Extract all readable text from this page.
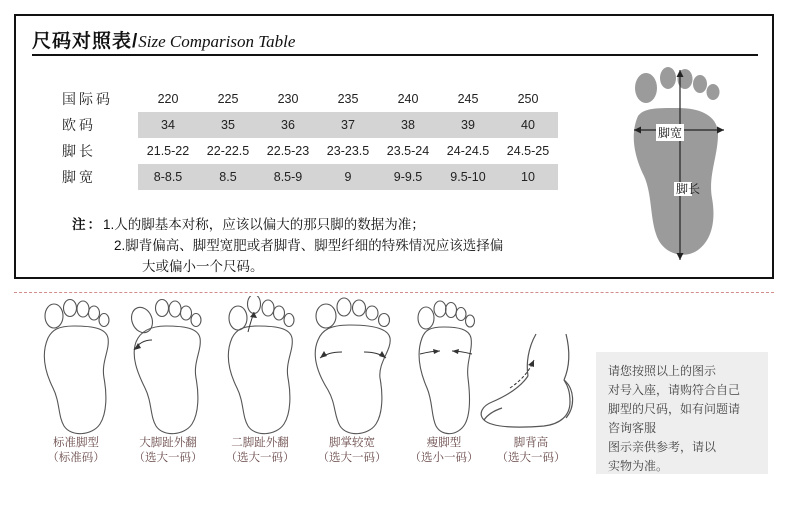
尺码对照表/Size Comparison Table
国际码	220	225	230	235	240	245	250
欧码	34	35	36	37	38	39	40
脚长	21.5-22	22-22.5	22.5-23	23-23.5	23.5-24	24-24.5	24.5-25
脚宽	8-8.5	8.5	8.5-9	9	9-9.5	9.5-10	10
注：1.人的脚基本对称，应该以偏大的那只脚的数据为准；
2.脚背偏高、脚型宽肥或者脚背、脚型纤细的特殊情况应该选择偏
大或偏小一个尺码。
脚宽
脚长
标准脚型
（标准码）
大脚趾外翻
（选大一码）
二脚趾外翻
（选大一码）
脚掌较宽
（选大一码）
瘦脚型
（选小一码）
脚背高
（选大一码）

请您按照以上的图示

对号入座，请购符合自己

脚型的尺码，如有问题请

咨询客服

图示亲供参考，请以

实物为准。
